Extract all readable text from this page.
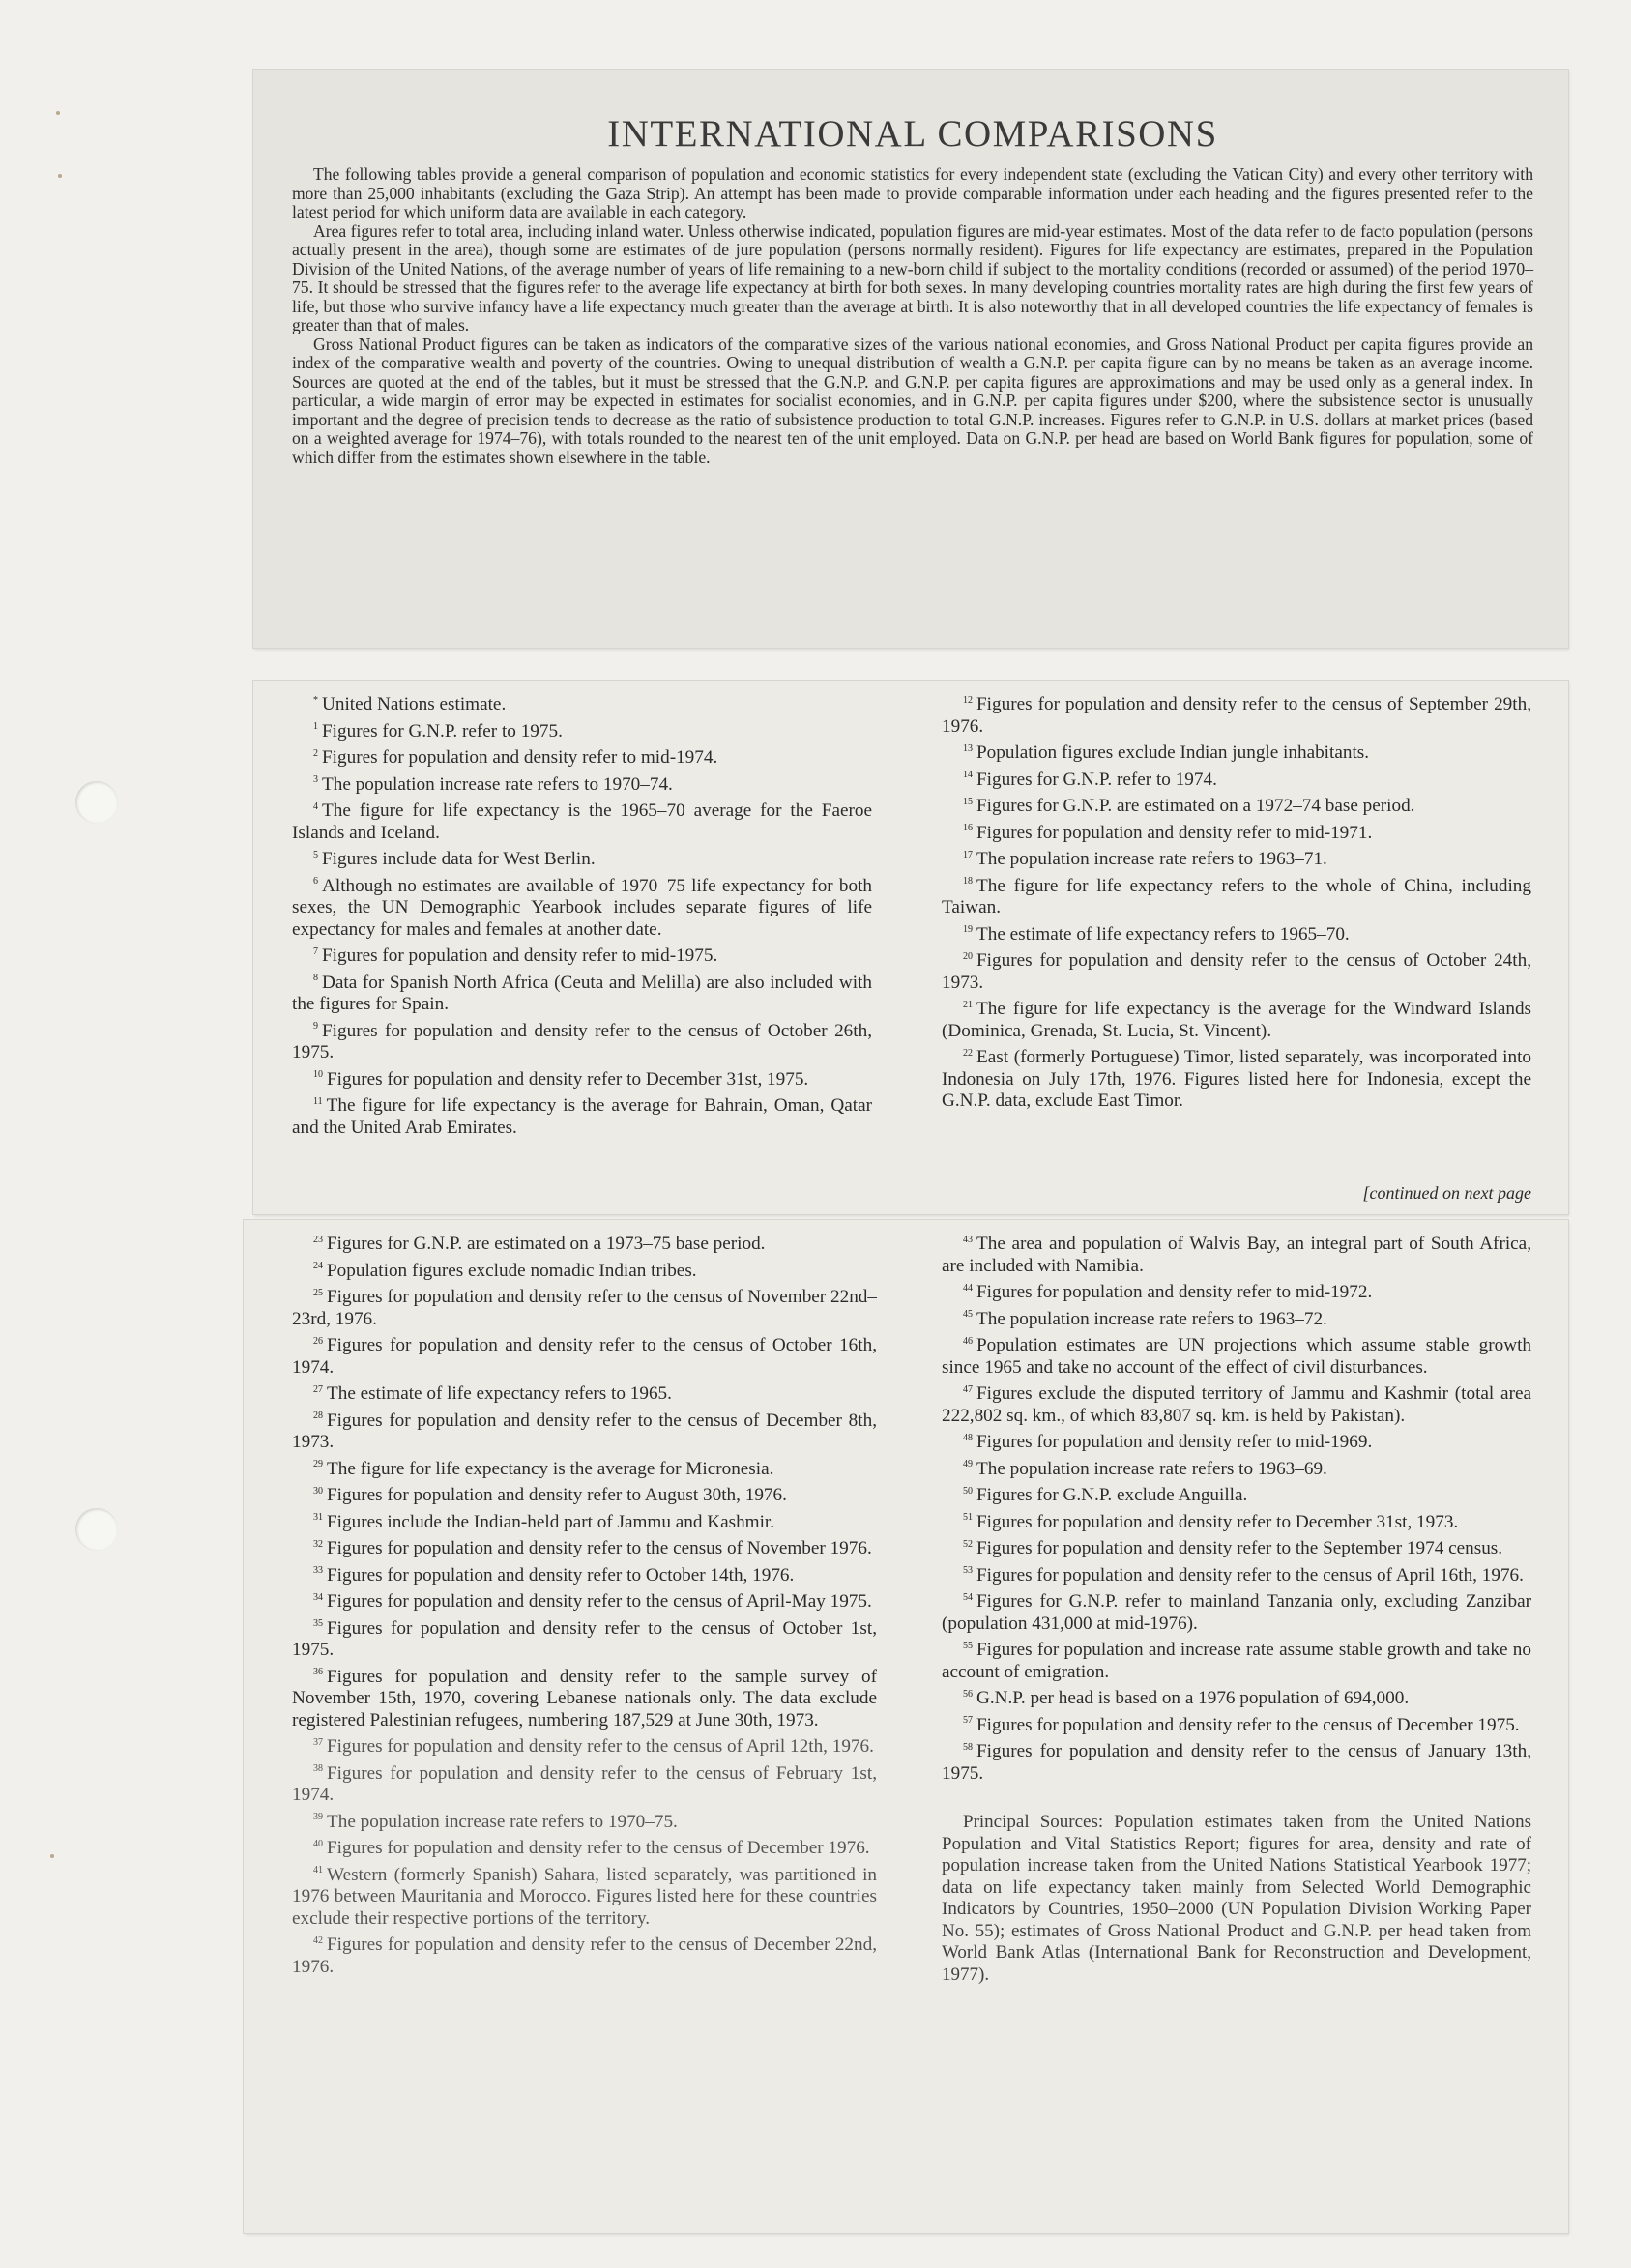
INTERNATIONAL COMPARISONS

The following tables provide a general comparison of population and economic statistics for every independent state (excluding the Vatican City) and every other territory with more than 25,000 inhabitants (excluding the Gaza Strip). An attempt has been made to provide comparable information under each heading and the figures presented refer to the latest period for which uniform data are available in each category.

Area figures refer to total area, including inland water. Unless otherwise indicated, population figures are mid-year estimates. Most of the data refer to de facto population (persons actually present in the area), though some are estimates of de jure population (persons normally resident). Figures for life expectancy are estimates, prepared in the Population Division of the United Nations, of the average number of years of life remaining to a new-born child if subject to the mortality conditions (recorded or assumed) of the period 1970–75. It should be stressed that the figures refer to the average life expectancy at birth for both sexes. In many developing countries mortality rates are high during the first few years of life, but those who survive infancy have a life expectancy much greater than the average at birth. It is also noteworthy that in all developed countries the life expectancy of females is greater than that of males.

Gross National Product figures can be taken as indicators of the comparative sizes of the various national economies, and Gross National Product per capita figures provide an index of the comparative wealth and poverty of the countries. Owing to unequal distribution of wealth a G.N.P. per capita figure can by no means be taken as an average income. Sources are quoted at the end of the tables, but it must be stressed that the G.N.P. and G.N.P. per capita figures are approximations and may be used only as a general index. In particular, a wide margin of error may be expected in estimates for socialist economies, and in G.N.P. per capita figures under $200, where the subsistence sector is unusually important and the degree of precision tends to decrease as the ratio of subsistence production to total G.N.P. increases. Figures refer to G.N.P. in U.S. dollars at market prices (based on a weighted average for 1974–76), with totals rounded to the nearest ten of the unit employed. Data on G.N.P. per head are based on World Bank figures for population, some of which differ from the estimates shown elsewhere in the table.

* United Nations estimate.

$^1$ Figures for G.N.P. refer to 1975.

$^2$ Figures for population and density refer to mid-1974.

$^3$ The population increase rate refers to 1970–74.

$^4$ The figure for life expectancy is the 1965–70 average for the Faeroe Islands and Iceland.

$^5$ Figures include data for West Berlin.

$^6$ Although no estimates are available of 1970–75 life expectancy for both sexes, the UN Demographic Yearbook includes separate figures of life expectancy for males and females at another date.

$^7$ Figures for population and density refer to mid-1975.

$^8$ Data for Spanish North Africa (Ceuta and Melilla) are also included with the figures for Spain.

$^9$ Figures for population and density refer to the census of October 26th, 1975.

$^{10}$ Figures for population and density refer to December 31st, 1975.

$^{11}$ The figure for life expectancy is the average for Bahrain, Oman, Qatar and the United Arab Emirates.

$^{12}$ Figures for population and density refer to the census of September 29th, 1976.

$^{13}$ Population figures exclude Indian jungle inhabitants.

$^{14}$ Figures for G.N.P. refer to 1974.

$^{15}$ Figures for G.N.P. are estimated on a 1972–74 base period.

$^{16}$ Figures for population and density refer to mid-1971.

$^{17}$ The population increase rate refers to 1963–71.

$^{18}$ The figure for life expectancy refers to the whole of China, including Taiwan.

$^{19}$ The estimate of life expectancy refers to 1965–70.

$^{20}$ Figures for population and density refer to the census of October 24th, 1973.

$^{21}$ The figure for life expectancy is the average for the Windward Islands (Dominica, Grenada, St. Lucia, St. Vincent).

$^{22}$ East (formerly Portuguese) Timor, listed separately, was incorporated into Indonesia on July 17th, 1976. Figures listed here for Indonesia, except the G.N.P. data, exclude East Timor.

[continued on next page

$^{23}$ Figures for G.N.P. are estimated on a 1973–75 base period.

$^{24}$ Population figures exclude nomadic Indian tribes.

$^{25}$ Figures for population and density refer to the census of November 22nd–23rd, 1976.

$^{26}$ Figures for population and density refer to the census of October 16th, 1974.

$^{27}$ The estimate of life expectancy refers to 1965.

$^{28}$ Figures for population and density refer to the census of December 8th, 1973.

$^{29}$ The figure for life expectancy is the average for Micronesia.

$^{30}$ Figures for population and density refer to August 30th, 1976.

$^{31}$ Figures include the Indian-held part of Jammu and Kashmir.

$^{32}$ Figures for population and density refer to the census of November 1976.

$^{33}$ Figures for population and density refer to October 14th, 1976.

$^{34}$ Figures for population and density refer to the census of April-May 1975.

$^{35}$ Figures for population and density refer to the census of October 1st, 1975.

$^{36}$ Figures for population and density refer to the sample survey of November 15th, 1970, covering Lebanese nationals only. The data exclude registered Palestinian refugees, numbering 187,529 at June 30th, 1973.

$^{37}$ Figures for population and density refer to the census of April 12th, 1976.

$^{38}$ Figures for population and density refer to the census of February 1st, 1974.

$^{39}$ The population increase rate refers to 1970–75.

$^{40}$ Figures for population and density refer to the census of December 1976.

$^{41}$ Western (formerly Spanish) Sahara, listed separately, was partitioned in 1976 between Mauritania and Morocco. Figures listed here for these countries exclude their respective portions of the territory.

$^{42}$ Figures for population and density refer to the census of December 22nd, 1976.

$^{43}$ The area and population of Walvis Bay, an integral part of South Africa, are included with Namibia.

$^{44}$ Figures for population and density refer to mid-1972.

$^{45}$ The population increase rate refers to 1963–72.

$^{46}$ Population estimates are UN projections which assume stable growth since 1965 and take no account of the effect of civil disturbances.

$^{47}$ Figures exclude the disputed territory of Jammu and Kashmir (total area 222,802 sq. km., of which 83,807 sq. km. is held by Pakistan).

$^{48}$ Figures for population and density refer to mid-1969.

$^{49}$ The population increase rate refers to 1963–69.

$^{50}$ Figures for G.N.P. exclude Anguilla.

$^{51}$ Figures for population and density refer to December 31st, 1973.

$^{52}$ Figures for population and density refer to the September 1974 census.

$^{53}$ Figures for population and density refer to the census of April 16th, 1976.

$^{54}$ Figures for G.N.P. refer to mainland Tanzania only, excluding Zanzibar (population 431,000 at mid-1976).

$^{55}$ Figures for population and increase rate assume stable growth and take no account of emigration.

$^{56}$ G.N.P. per head is based on a 1976 population of 694,000.

$^{57}$ Figures for population and density refer to the census of December 1975.

$^{58}$ Figures for population and density refer to the census of January 13th, 1975.

Principal Sources: Population estimates taken from the United Nations Population and Vital Statistics Report; figures for area, density and rate of population increase taken from the United Nations Statistical Yearbook 1977; data on life expectancy taken mainly from Selected World Demographic Indicators by Countries, 1950–2000 (UN Population Division Working Paper No. 55); estimates of Gross National Product and G.N.P. per head taken from World Bank Atlas (International Bank for Reconstruction and Development, 1977).
